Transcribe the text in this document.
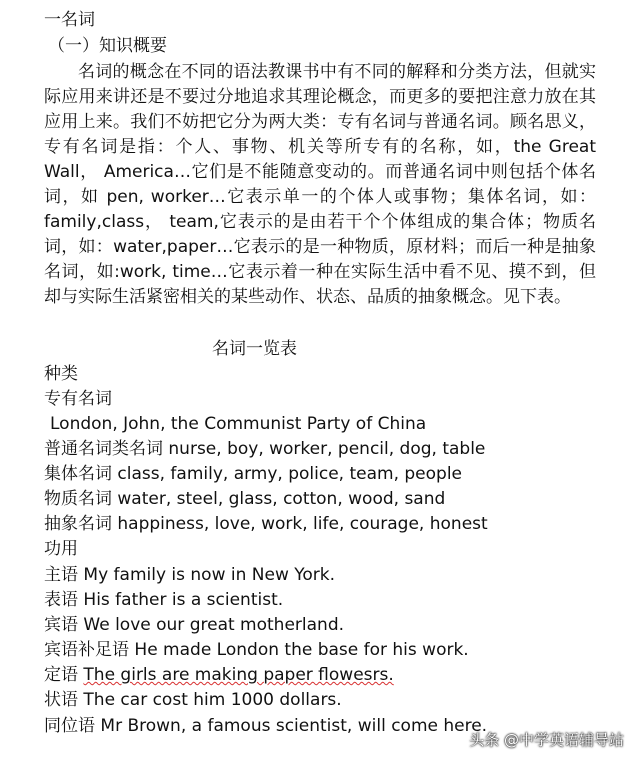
一名词
（一）知识概要

名词的概念在不同的语法教课书中有不同的解释和分类方法，但就实际应用来讲还是不要过分地追求其理论概念，而更多的要把注意力放在其应用上来。我们不妨把它分为两大类：专有名词与普通名词。顾名思义，专有名词是指：个人、事物、机关等所专有的名称，如，the Great Wall， America…它们是不能随意变动的。而普通名词中则包括个体名词，如 pen, worker…它表示单一的个体人或事物；集体名词，如：family,class， team,它表示的是由若干个个体组成的集合体；物质名词，如：water,paper…它表示的是一种物质，原材料；而后一种是抽象名词，如:work, time…它表示着一种在实际生活中看不见、摸不到，但却与实际生活紧密相关的某些动作、状态、品质的抽象概念。见下表。

名词一览表
种类
专有名词
London, John, the Communist Party of China
普通名词类名词 nurse, boy, worker, pencil, dog, table
集体名词 class, family, army, police, team, people
物质名词 water, steel, glass, cotton, wood, sand
抽象名词 happiness, love, work, life, courage, honest
功用
主语 My family is now in New York.
表语 His father is a scientist.
宾语 We love our great motherland.
宾语补足语 He made London the base for his work.
定语 The girls are making paper flowesrs.
状语 The car cost him 1000 dollars.
同位语 Mr Brown, a famous scientist, will come here.
头条 @中学英语辅导站
